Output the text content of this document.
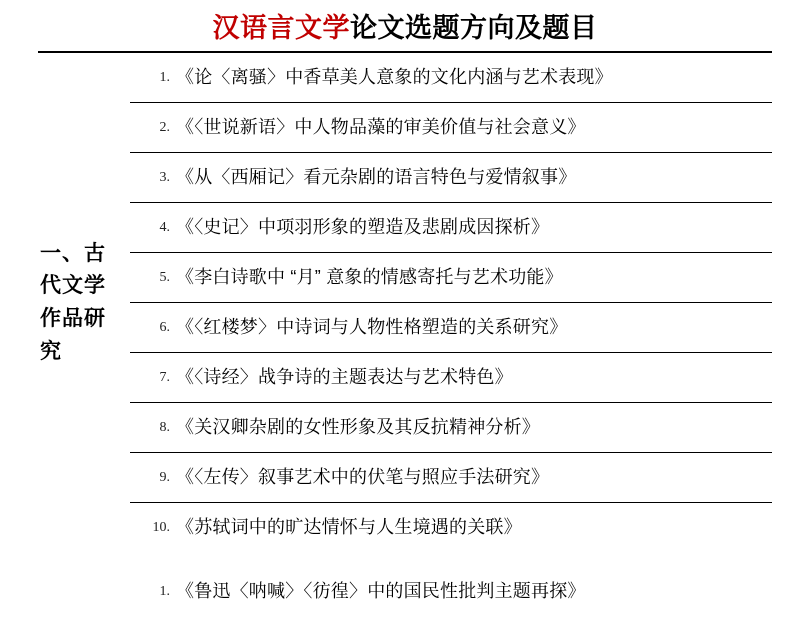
汉语言文学论文选题方向及题目
一、古代文学作品研究
1. 《论〈离骚〉中香草美人意象的文化内涵与艺术表现》
2. 《〈世说新语〉中人物品藻的审美价值与社会意义》
3. 《从〈西厢记〉看元杂剧的语言特色与爱情叙事》
4. 《〈史记〉中项羽形象的塑造及悲剧成因探析》
5. 《李白诗歌中 “月” 意象的情感寄托与艺术功能》
6. 《〈红楼梦〉中诗词与人物性格塑造的关系研究》
7. 《〈诗经〉战争诗的主题表达与艺术特色》
8. 《关汉卿杂剧的女性形象及其反抗精神分析》
9. 《〈左传〉叙事艺术中的伏笔与照应手法研究》
10. 《苏轼词中的旷达情怀与人生境遇的关联》
1. 《鲁迅〈呐喊〉〈彷徨〉中的国民性批判主题再探》
